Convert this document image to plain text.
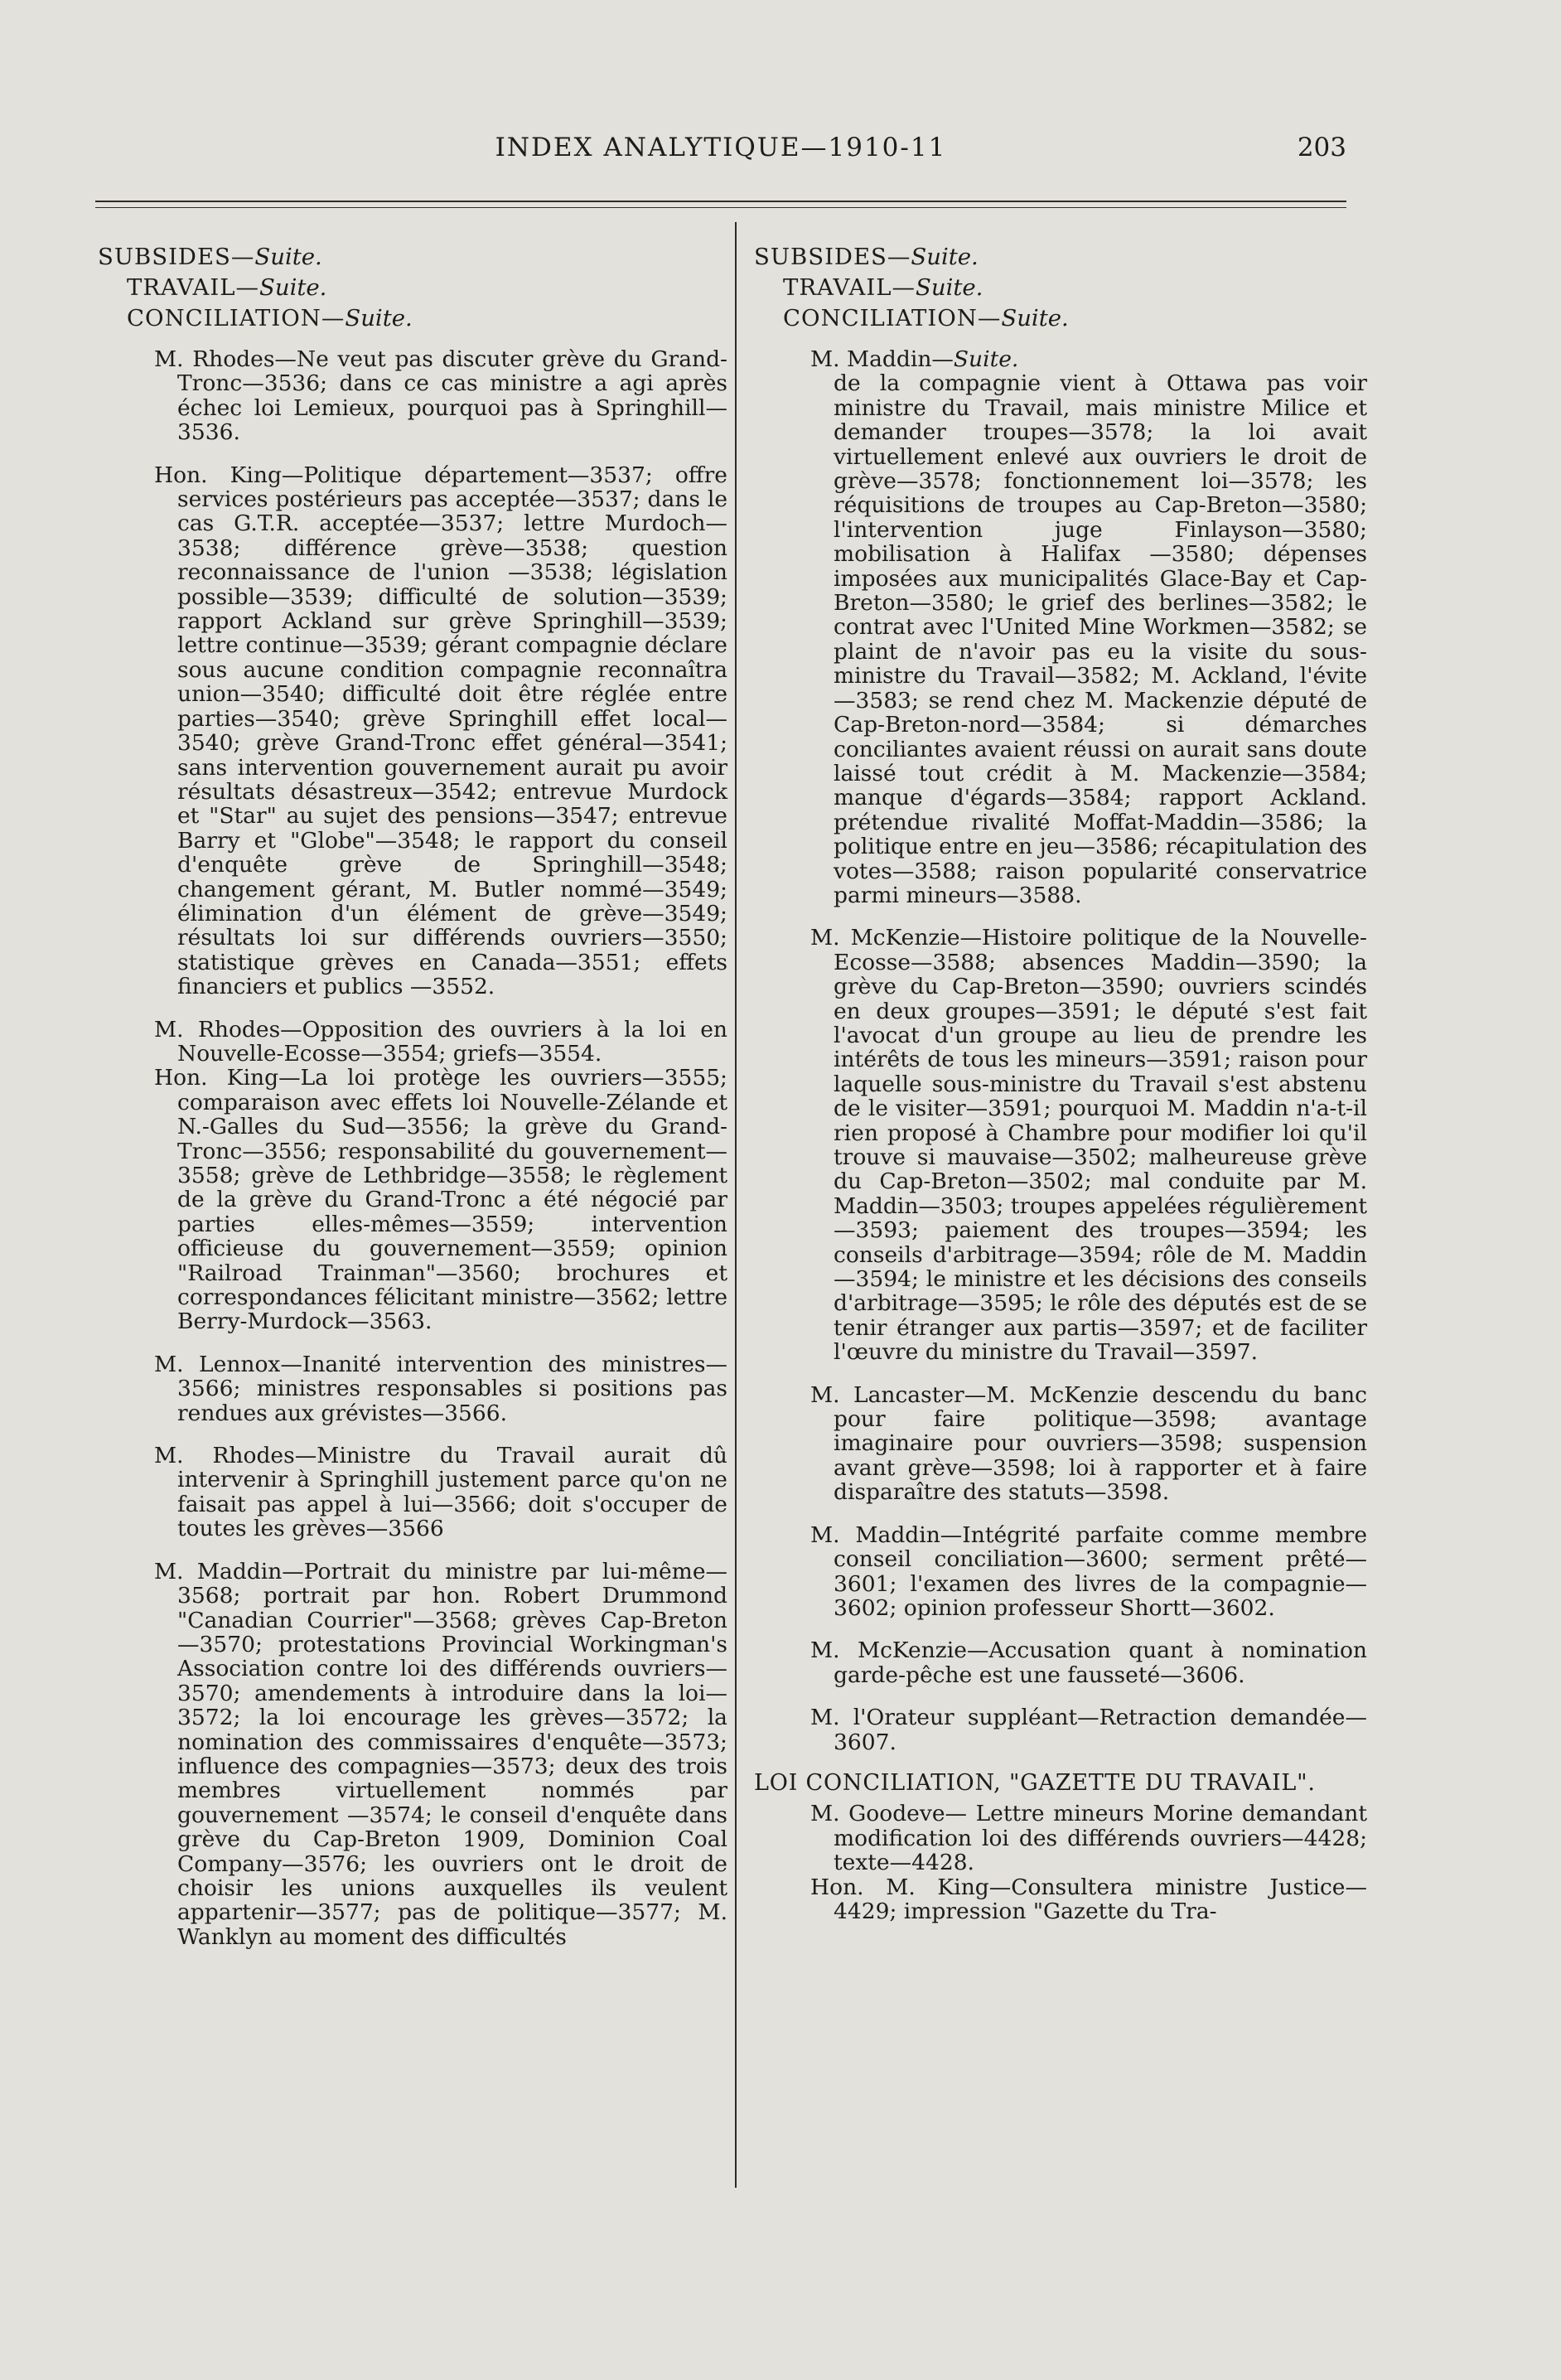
INDEX ANALYTIQUE—1910-11	203
SUBSIDES—Suite.
TRAVAIL—Suite.
CONCILIATION—Suite.

M. Rhodes—Ne veut pas discuter grève du Grand-Tronc—3536; dans ce cas ministre a agi après échec loi Lemieux, pourquoi pas à Springhill—3536.

Hon. King—Politique département—3537; offre services postérieurs pas acceptée—3537; dans le cas G.T.R. acceptée—3537; lettre Murdoch—3538; différence grève—3538; question reconnaissance de l'union —3538; législation possible—3539; difficulté de solution—3539; rapport Ackland sur grève Springhill—3539; lettre continue—3539; gérant compagnie déclare sous aucune condition compagnie reconnaîtra union—3540; difficulté doit être réglée entre parties—3540; grève Springhill effet local—3540; grève Grand-Tronc effet général—3541; sans intervention gouvernement aurait pu avoir résultats désastreux—3542; entrevue Murdock et "Star" au sujet des pensions—3547; entrevue Barry et "Globe"—3548; le rapport du conseil d'enquête grève de Springhill—3548; changement gérant, M. Butler nommé—3549; élimination d'un élément de grève—3549; résultats loi sur différends ouvriers—3550; statistique grèves en Canada—3551; effets financiers et publics —3552.

M. Rhodes—Opposition des ouvriers à la loi en Nouvelle-Ecosse—3554; griefs—3554.

Hon. King—La loi protège les ouvriers—3555; comparaison avec effets loi Nouvelle-Zélande et N.-Galles du Sud—3556; la grève du Grand-Tronc—3556; responsabilité du gouvernement—3558; grève de Lethbridge—3558; le règlement de la grève du Grand-Tronc a été négocié par parties elles-mêmes—3559; intervention officieuse du gouvernement—3559; opinion "Railroad Trainman"—3560; brochures et correspondances félicitant ministre—3562; lettre Berry-Murdock—3563.

M. Lennox—Inanité intervention des ministres—3566; ministres responsables si positions pas rendues aux grévistes—3566.

M. Rhodes—Ministre du Travail aurait dû intervenir à Springhill justement parce qu'on ne faisait pas appel à lui—3566; doit s'occuper de toutes les grèves—3566

M. Maddin—Portrait du ministre par lui-même—3568; portrait par hon. Robert Drummond "Canadian Courrier"—3568; grèves Cap-Breton—3570; protestations Provincial Workingman's Association contre loi des différends ouvriers—3570; amendements à introduire dans la loi—3572; la loi encourage les grèves—3572; la nomination des commissaires d'enquête—3573; influence des compagnies—3573; deux des trois membres virtuellement nommés par gouvernement —3574; le conseil d'enquête dans grève du Cap-Breton 1909, Dominion Coal Company—3576; les ouvriers ont le droit de choisir les unions auxquelles ils veulent appartenir—3577; pas de politique—3577; M. Wanklyn au moment des difficultés

SUBSIDES—Suite.
TRAVAIL—Suite.
CONCILIATION—Suite.
M. Maddin—Suite.

de la compagnie vient à Ottawa pas voir ministre du Travail, mais ministre Milice et demander troupes—3578; la loi avait virtuellement enlevé aux ouvriers le droit de grève—3578; fonctionnement loi—3578; les réquisitions de troupes au Cap-Breton—3580; l'intervention juge Finlayson—3580; mobilisation à Halifax —3580; dépenses imposées aux municipalités Glace-Bay et Cap-Breton—3580; le grief des berlines—3582; le contrat avec l'United Mine Workmen—3582; se plaint de n'avoir pas eu la visite du sous-ministre du Travail—3582; M. Ackland, l'évite—3583; se rend chez M. Mackenzie député de Cap-Breton-nord—3584; si démarches conciliantes avaient réussi on aurait sans doute laissé tout crédit à M. Mackenzie—3584; manque d'égards—3584; rapport Ackland. prétendue rivalité Moffat-Maddin—3586; la politique entre en jeu—3586; récapitulation des votes—3588; raison popularité conservatrice parmi mineurs—3588.

M. McKenzie—Histoire politique de la Nouvelle-Ecosse—3588; absences Maddin—3590; la grève du Cap-Breton—3590; ouvriers scindés en deux groupes—3591; le député s'est fait l'avocat d'un groupe au lieu de prendre les intérêts de tous les mineurs—3591; raison pour laquelle sous-ministre du Travail s'est abstenu de le visiter—3591; pourquoi M. Maddin n'a-t-il rien proposé à Chambre pour modifier loi qu'il trouve si mauvaise—3502; malheureuse grève du Cap-Breton—3502; mal conduite par M. Maddin—3503; troupes appelées régulièrement—3593; paiement des troupes—3594; les conseils d'arbitrage—3594; rôle de M. Maddin—3594; le ministre et les décisions des conseils d'arbitrage—3595; le rôle des députés est de se tenir étranger aux partis—3597; et de faciliter l'œuvre du ministre du Travail—3597.

M. Lancaster—M. McKenzie descendu du banc pour faire politique—3598; avantage imaginaire pour ouvriers—3598; suspension avant grève—3598; loi à rapporter et à faire disparaître des statuts—3598.

M. Maddin—Intégrité parfaite comme membre conseil conciliation—3600; serment prêté—3601; l'examen des livres de la compagnie—3602; opinion professeur Shortt—3602.

M. McKenzie—Accusation quant à nomination garde-pêche est une fausseté—3606.

M. l'Orateur suppléant—Retraction demandée—3607.

LOI CONCILIATION, "GAZETTE DU TRAVAIL".

M. Goodeve— Lettre mineurs Morine demandant modification loi des différends ouvriers—4428; texte—4428.

Hon. M. King—Consultera ministre Justice—4429; impression "Gazette du Tra-
